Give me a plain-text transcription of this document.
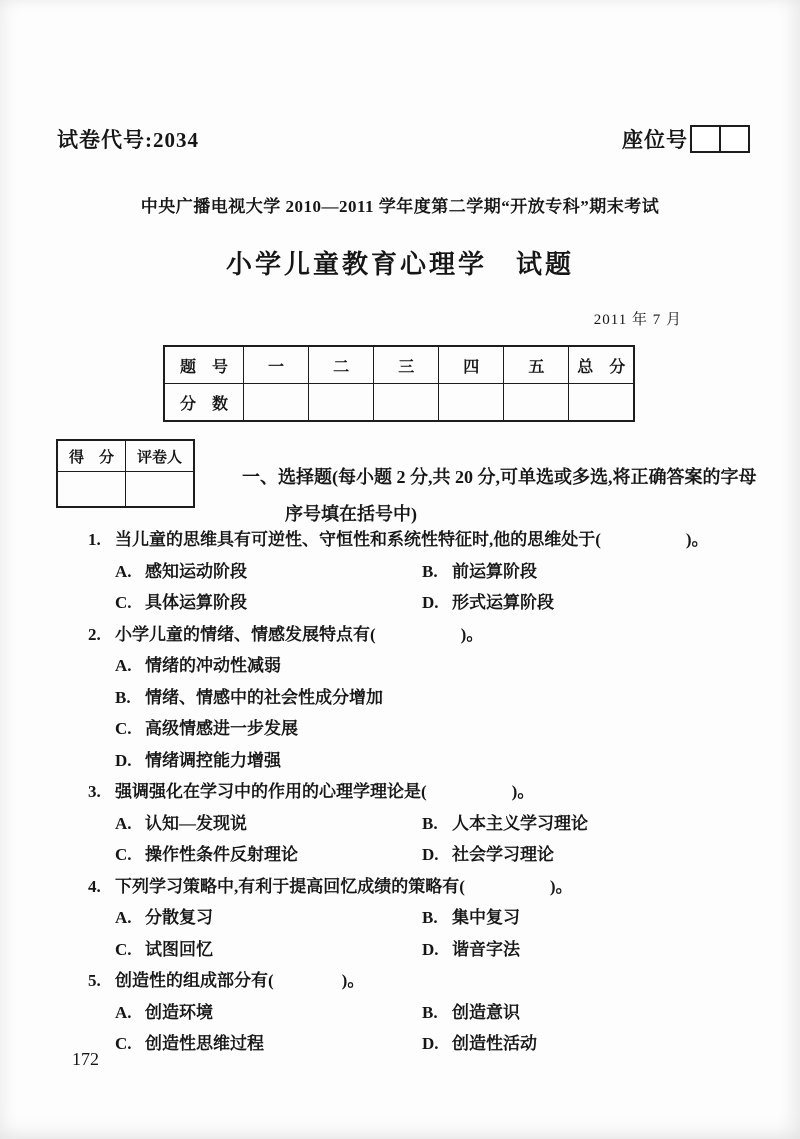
试卷代号:2034	座位号
中央广播电视大学 2010—2011 学年度第二学期“开放专科”期末考试
小学儿童教育心理学　试题
2011 年 7 月
题　号	一	二	三	四	五	总　分
分　数						
得　分	评卷人

一、选择题(每小题 2 分,共 20 分,可单选或多选,将正确答案的字母
序号填在括号中)
1. 当儿童的思维具有可逆性、守恒性和系统性特征时,他的思维处于(　　　　　)。
A. 感知运动阶段	B. 前运算阶段
C. 具体运算阶段	D. 形式运算阶段
2. 小学儿童的情绪、情感发展特点有(　　　　　)。
A. 情绪的冲动性减弱
B. 情绪、情感中的社会性成分增加
C. 高级情感进一步发展
D. 情绪调控能力增强
3. 强调强化在学习中的作用的心理学理论是(　　　　　)。
A. 认知—发现说	B. 人本主义学习理论
C. 操作性条件反射理论	D. 社会学习理论
4. 下列学习策略中,有利于提高回忆成绩的策略有(　　　　　)。
A. 分散复习	B. 集中复习
C. 试图回忆	D. 谐音字法
5. 创造性的组成部分有(　　　　)。
A. 创造环境	B. 创造意识
C. 创造性思维过程	D. 创造性活动
172
